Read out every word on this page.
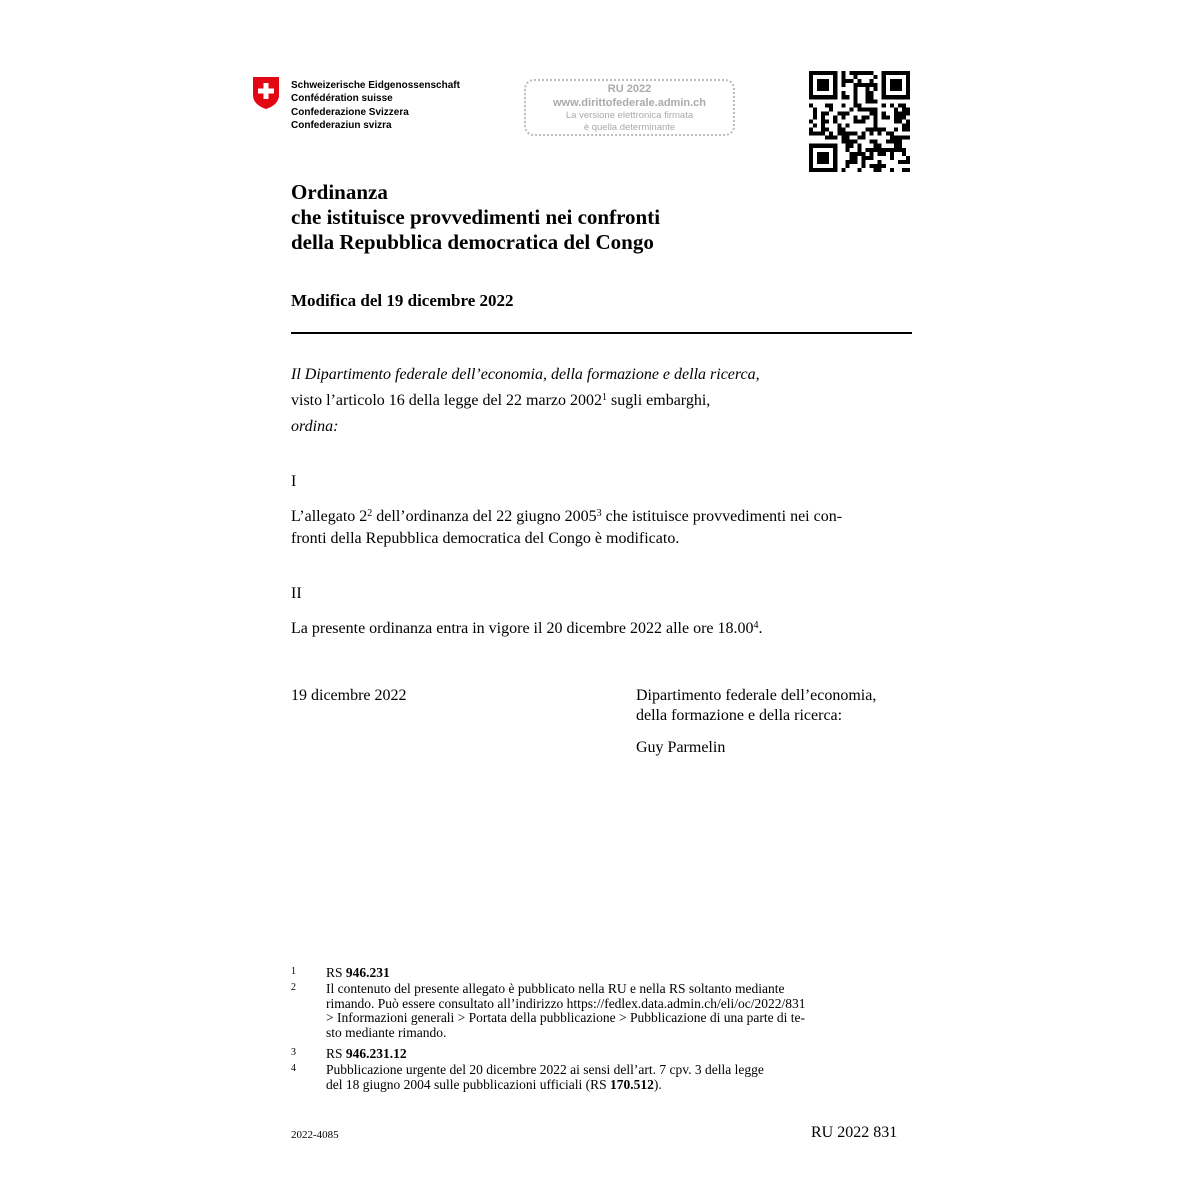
Schweizerische Eidgenossenschaft
Confédération suisse
Confederazione Svizzera
Confederaziun svizra
RU 2022
www.dirittofederale.admin.ch
La versione elettronica firmata
è quella determinante
Ordinanza
che istituisce provvedimenti nei confronti
della Repubblica democratica del Congo
Modifica del 19 dicembre 2022
Il Dipartimento federale dell’economia, della formazione e della ricerca,
visto l’articolo 16 della legge del 22 marzo 2002$^1$ sugli embarghi,
ordina:
I
L’allegato $2^2$ dell’ordinanza del 22 giugno 2005$^3$ che istituisce provvedimenti nei con-
fronti della Repubblica democratica del Congo è modificato.
II
La presente ordinanza entra in vigore il 20 dicembre 2022 alle ore 18.00$^4$.
19 dicembre 2022	Dipartimento federale dell’economia,
della formazione e della ricerca:
Guy Parmelin
1 RS 946.231
2 Il contenuto del presente allegato è pubblicato nella RU e nella RS soltanto mediante
rimando. Può essere consultato all’indirizzo https://fedlex.data.admin.ch/eli/oc/2022/831
> Informazioni generali > Portata della pubblicazione > Pubblicazione di una parte di te-
sto mediante rimando.
3 RS 946.231.12
4 Pubblicazione urgente del 20 dicembre 2022 ai sensi dell’art. 7 cpv. 3 della legge
del 18 giugno 2004 sulle pubblicazioni ufficiali (RS 170.512).
2022-4085	RU 2022 831
